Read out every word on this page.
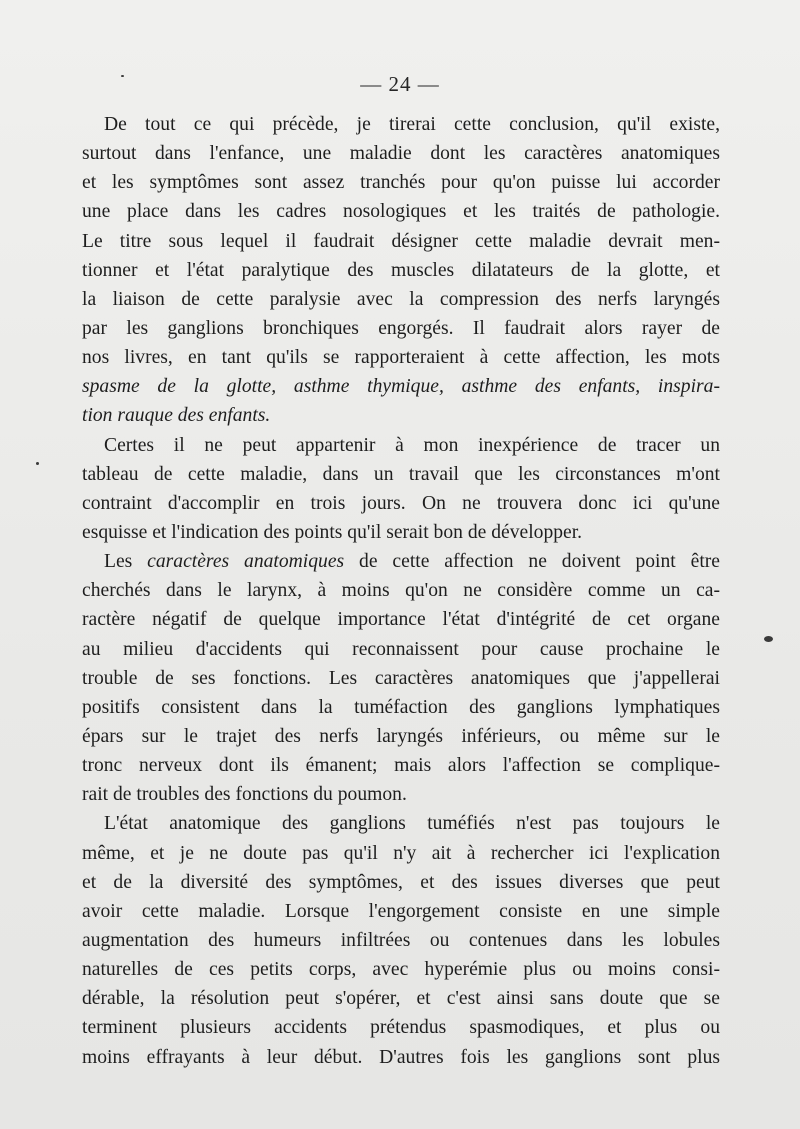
— 24 —
De tout ce qui précède, je tirerai cette conclusion, qu'il existe,
surtout dans l'enfance, une maladie dont les caractères anatomiques
et les symptômes sont assez tranchés pour qu'on puisse lui accorder
une place dans les cadres nosologiques et les traités de pathologie.
Le titre sous lequel il faudrait désigner cette maladie devrait men-
tionner et l'état paralytique des muscles dilatateurs de la glotte, et
la liaison de cette paralysie avec la compression des nerfs laryngés
par les ganglions bronchiques engorgés. Il faudrait alors rayer de
nos livres, en tant qu'ils se rapporteraient à cette affection, les mots
spasme de la glotte, asthme thymique, asthme des enfants, inspira-
tion rauque des enfants.
Certes il ne peut appartenir à mon inexpérience de tracer un
tableau de cette maladie, dans un travail que les circonstances m'ont
contraint d'accomplir en trois jours. On ne trouvera donc ici qu'une
esquisse et l'indication des points qu'il serait bon de développer.
Les caractères anatomiques de cette affection ne doivent point être
cherchés dans le larynx, à moins qu'on ne considère comme un ca-
ractère négatif de quelque importance l'état d'intégrité de cet organe
au milieu d'accidents qui reconnaissent pour cause prochaine le
trouble de ses fonctions. Les caractères anatomiques que j'appellerai
positifs consistent dans la tuméfaction des ganglions lymphatiques
épars sur le trajet des nerfs laryngés inférieurs, ou même sur le
tronc nerveux dont ils émanent; mais alors l'affection se complique-
rait de troubles des fonctions du poumon.
L'état anatomique des ganglions tuméfiés n'est pas toujours le
même, et je ne doute pas qu'il n'y ait à rechercher ici l'explication
et de la diversité des symptômes, et des issues diverses que peut
avoir cette maladie. Lorsque l'engorgement consiste en une simple
augmentation des humeurs infiltrées ou contenues dans les lobules
naturelles de ces petits corps, avec hyperémie plus ou moins consi-
dérable, la résolution peut s'opérer, et c'est ainsi sans doute que se
terminent plusieurs accidents prétendus spasmodiques, et plus ou
moins effrayants à leur début. D'autres fois les ganglions sont plus
